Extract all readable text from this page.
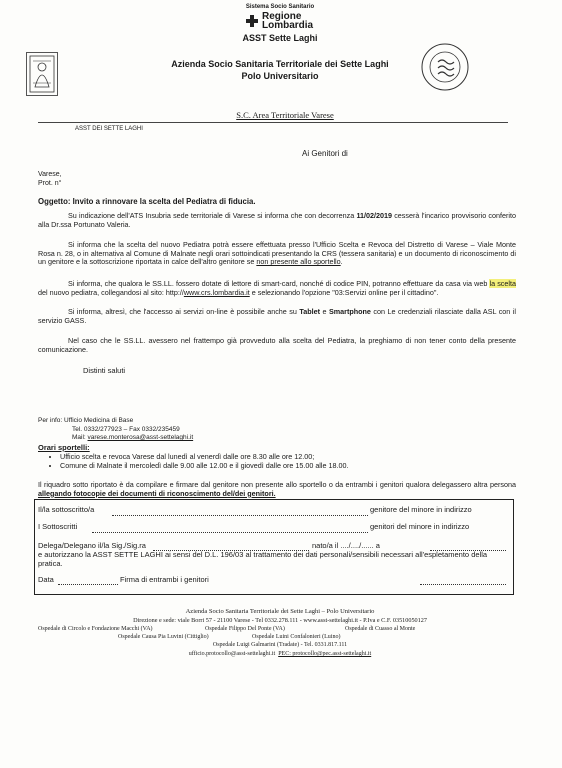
Sistema Socio Sanitario
Regione
Lombardia
ASST Sette Laghi
Azienda Socio Sanitaria Territoriale dei Sette Laghi
Polo Universitario
S.C. Area Territoriale Varese
ASST DEI SETTE LAGHI
Ai Genitori di
Varese,
Prot. n°
Oggetto: Invito a rinnovare la scelta del Pediatra di fiducia.
Su indicazione dell'ATS Insubria sede territoriale di Varese si informa che con decorrenza 11/02/2019 cesserà l'incarico provvisorio conferito alla Dr.ssa Portunato Valeria.
Si informa che la scelta del nuovo Pediatra potrà essere effettuata presso l'Ufficio Scelta e Revoca del Distretto di Varese – Viale Monte Rosa n. 28, o in alternativa al Comune di Malnate negli orari sottoindicati presentando la CRS (tessera sanitaria) e un documento di riconoscimento di un genitore e la sottoscrizione riportata in calce dell'altro genitore se non presente allo sportello.
Si informa, che qualora le SS.LL. fossero dotate di lettore di smart-card, nonché di codice PIN, potranno effettuare da casa via web la scelta del nuovo pediatra, collegandosi al sito: http://www.crs.lombardia.it e selezionando l'opzione "03:Servizi online per il cittadino".
Si informa, altresì, che l'accesso ai servizi on-line è possibile anche su Tablet e Smartphone con Le credenziali rilasciate dalla ASL con il servizio GASS.
Nel caso che le SS.LL. avessero nel frattempo già provveduto alla scelta del Pediatra, la preghiamo di non tener conto della presente comunicazione.
Distinti saluti
Per info: Ufficio Medicina di Base
Tel. 0332/277923 – Fax 0332/235459
Mail: varese.monterosa@asst-settelaghi.it
Orari sportelli:
• Ufficio scelta e revoca Varese dal lunedì al venerdì dalle ore 8.30 alle ore 12.00;
• Comune di Malnate il mercoledì dalle 9.00 alle 12.00 e il giovedì dalle ore 15.00 alle 18.00.
Il riquadro sotto riportato è da compilare e firmare dal genitore non presente allo sportello o da entrambi i genitori qualora delegassero altra persona allegando fotocopie dei documenti di riconoscimento del/dei genitori.
Il/la sottoscritto/a	genitore del minore in indirizzo
I Sottoscritti	genitori del minore in indirizzo
Delega/Delegano il/la Sig./Sig.ra	nato/a il ..../..../...... a
e autorizzano la ASST SETTE LAGHI ai sensi del D.L. 196/03 al trattamento dei dati personali/sensibili necessari all'espletamento della pratica.
Data	Firma di entrambi i genitori
Azienda Socio Sanitaria Territoriale dei Sette Laghi – Polo Universitario
Direzione e sede: viale Borri 57 - 21100 Varese - Tel 0332.278.111 - www.asst-settelaghi.it - P.Iva e C.F. 03510050127
Ospedale di Circolo e Fondazione Macchi (VA)	Ospedale Filippo Del Ponte (VA)	Ospedale di Cuasso al Monte
Ospedale Causa Pia Luvini (Cittiglio)	Ospedale Luini Confalonieri (Luino)
Ospedale Luigi Galmarini (Tradate) - Tel. 0331.817.111
ufficio.protocollo@asst-settelaghi.it PEC: protocollo@pec.asst-settelaghi.it
